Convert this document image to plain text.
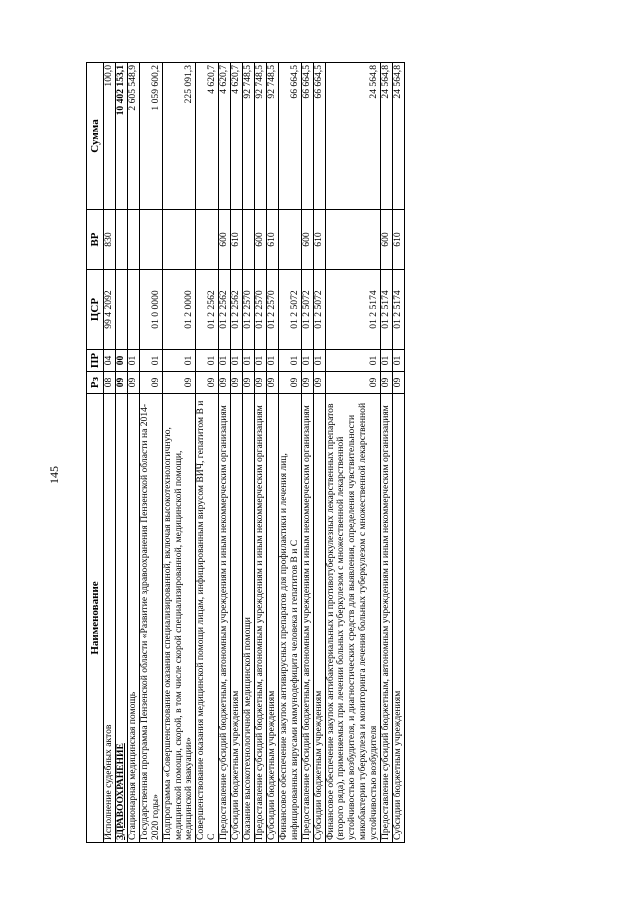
145
Наименование	Рз	ПР	ЦСР	ВР	Сумма
Исполнение судебных актов	08	04	99 4 2092	830	100,0
ЗДРАВООХРАНЕНИЕ	09	00			10 402 153,1
Стационарная медицинская помощь	09	01			2 605 548,9
Государственная программа Пензенской области «Развитие здравоохранения Пензенской области на 2014-2020 годы»	09	01	01 0 0000		1 059 600,2
Подпрограмма «Совершенствование оказания специализированной, включая высокотехнологичную, медицинской помощи, скорой, в том числе скорой специализированной, медицинской помощи, медицинской эвакуации»	09	01	01 2 0000		225 091,3
Совершенствование оказания медицинской помощи лицам, инфицированным вирусом ВИЧ, гепатитом В и С	09	01	01 2 2562		4 620,7
Предоставление субсидий бюджетным, автономным учреждениям и иным некоммерческим организациям	09	01	01 2 2562	600	4 620,7
Субсидии бюджетным учреждениям	09	01	01 2 2562	610	4 620,7
Оказание высокотехнологичной медицинской помощи	09	01	01 2 2570		92 748,5
Предоставление субсидий бюджетным, автономным учреждениям и иным некоммерческим организациям	09	01	01 2 2570	600	92 748,5
Субсидии бюджетным учреждениям	09	01	01 2 2570	610	92 748,5
Финансовое обеспечение закупок антивирусных препаратов для профилактики и лечения лиц, инфицированных вирусами иммунодефицита человека и гепатитов В и С	09	01	01 2 5072		66 664,5
Предоставление субсидий бюджетным, автономным учреждениям и иным некоммерческим организациям	09	01	01 2 5072	600	66 664,5
Субсидии бюджетным учреждениям	09	01	01 2 5072	610	66 664,5
Финансовое обеспечение закупок антибактериальных и противотуберкулезных лекарственных препаратов (второго ряда), применяемых при лечении больных туберкулезом с множественной лекарственной устойчивостью возбудителя, и диагностических средств для выявления, определения чувствительности микобактерии туберкулеза и мониторинга лечения больных туберкулезом с множественной лекарственной устойчивостью возбудителя	09	01	01 2 5174		24 564,8
Предоставление субсидий бюджетным, автономным учреждениям и иным некоммерческим организациям	09	01	01 2 5174	600	24 564,8
Субсидии бюджетным учреждениям	09	01	01 2 5174	610	24 564,8
